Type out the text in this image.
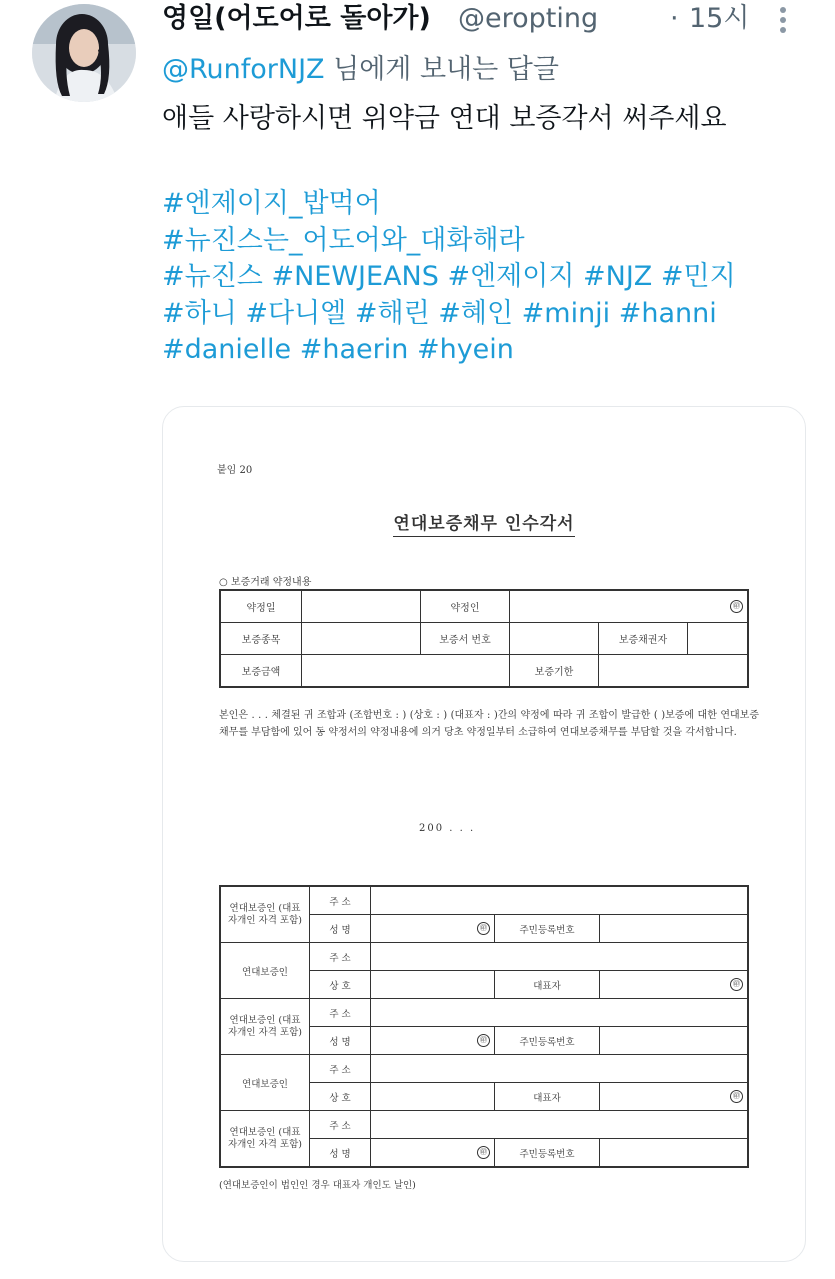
영일(어도어로 돌아가) @eropting	· 15시
@RunforNJZ 님에게 보내는 답글
애들 사랑하시면 위약금 연대 보증각서 써주세요
#엔제이지_밥먹어
#뉴진스는_어도어와_대화해라
#뉴진스 #NEWJEANS #엔제이지 #NJZ #민지
#하니 #다니엘 #해린 #혜인 #minji #hanni
#danielle #haerin #hyein
붙임 20
연대보증채무 인수각서
○ 보증거래 약정내용
약정일		약정인	㊞		
보증종목		보증서 번호		보증채권자	
보증금액			보증기한		
본인은 . . . 체결된 귀 조합과 (조합번호 : ) (상호 : ) (대표자 : )간의 약정에 따라 귀 조합이 발급한 ( )보증에 대한 연대보증채무를 부담함에 있어 동 약정서의 약정내용에 의거 당초 약정일부터 소급하여 연대보증채무를 부담할 것을 각서합니다.
200 . . .
연대보증인 (대표자개인 자격 포함)	주 소			
	성 명	㊞	주민등록번호	
연대보증인	주 소			
	상 호		대표자	㊞
연대보증인 (대표자개인 자격 포함)	주 소			
	성 명	㊞	주민등록번호	
연대보증인	주 소			
	상 호		대표자	㊞
연대보증인 (대표자개인 자격 포함)	주 소			
	성 명	㊞	주민등록번호	
(연대보증인이 법인인 경우 대표자 개인도 날인)
